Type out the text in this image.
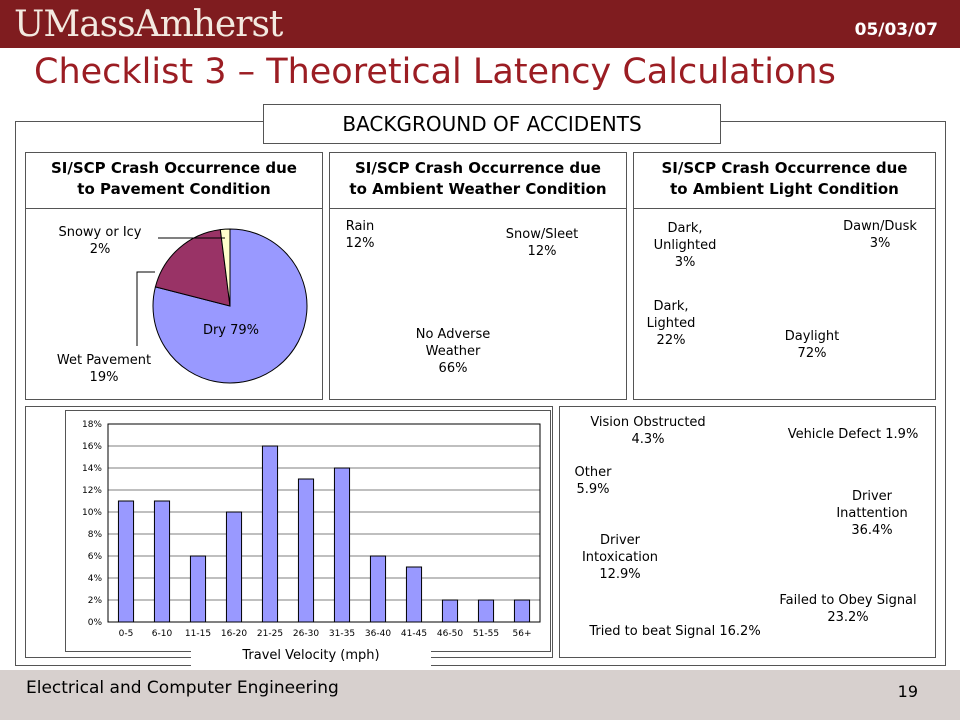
UMassAmherst	05/03/07
Checklist 3 – Theoretical Latency Calculations
BACKGROUND OF ACCIDENTS
SI/SCP Crash Occurrence due
to Pavement Condition
Snowy or Icy
2%
Wet Pavement
19%
Dry 79%
SI/SCP Crash Occurrence due
to Ambient Weather Condition
Rain
12%
Snow/Sleet
12%
No Adverse
Weather
66%
SI/SCP Crash Occurrence due
to Ambient Light Condition
Dark,
Unlighted
3%
Dawn/Dusk
3%
Dark,
Lighted
22%	Daylight
72%
0%
2%
4%
6%
8%
10%
12%
14%
16%
18%
0-5 6-10 11-15 16-20 21-25 26-30 31-35 36-40 41-45 46-50 51-55 56+
Travel Velocity (mph)
Vision Obstructed
4.3%	Vehicle Defect 1.9%
Other
5.9%	Driver
Inattention
36.4%
Driver
Intoxication
12.9%
Failed to Obey Signal
23.2%
Tried to beat Signal 16.2%
Electrical and Computer Engineering	19
